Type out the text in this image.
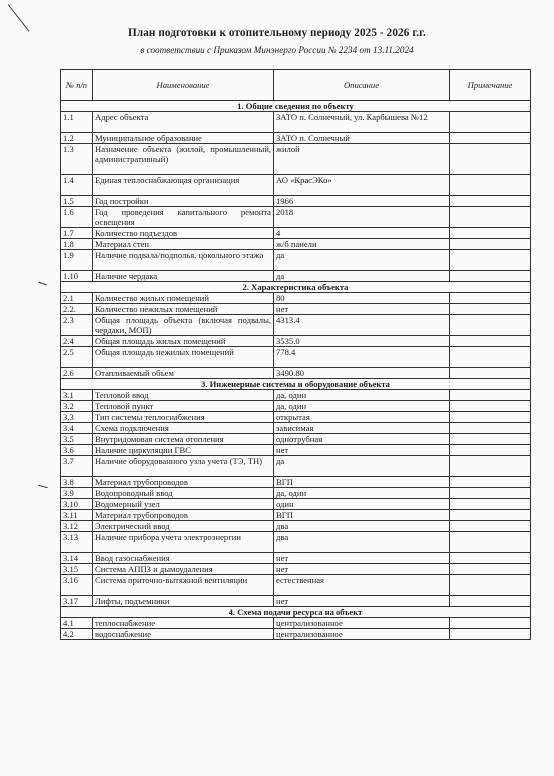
План подготовки к отопительному периоду 2025 - 2026 г.г.
в соответствии с Приказом Минэнерго России № 2234 от 13.11.2024
№ п/п	Наименование	Описание	Примечание
1. Общие сведения по объекту			
1.1	Адрес объекта	ЗАТО п. Солнечный, ул. Карбышева №12	
1.2	Муниципальное образование	ЗАТО п. Солнечный	
1.3	Назначение объекта (жилой, промышленный, административный)	жилой	
1.4	Единая теплоснабжающая организация	АО «КрасЭКо»	
1.5	Год постройки	1966	
1.6	Год проведения капитального ремонта освещения	2018	
1.7	Количество подъездов	4	
1.8	Материал стен	ж/б панели	
1.9	Наличие подвала/подполья, цокольного этажа	да	
1.10	Наличие чердака	да	
2. Характеристика объекта			
2.1	Количество жилых помещений	80	
2.2.	Количество нежилых помещений	нет	
2.3	Общая площадь объекта (включая подвалы, чердаки, МОП)	4313.4	
2.4	Общая площадь жилых помещений	3535.0	
2.5	Общая площадь нежилых помещений	778.4	
2.6	Отапливаемый объем	3490.80	
3. Инженерные системы и оборудование объекта			
3.1	Тепловой ввод	да, один	
3.2	Тепловой пункт	да, один	
3.3	Тип системы теплоснабжения	открытая	
3.4	Схема подключения	зависимая	
3.5	Внутридомовая система отопления	однотрубная	
3.6	Наличие циркуляции ГВС	нет	
3.7	Наличие оборудованного узла учета (ТЭ, ТН)	да	
3.8	Материал трубопроводов	ВГП	
3.9	Водопроводный ввод	да, один	
3.10	Водомерный узел	один	
3.11	Материал трубопроводов	ВГП	
3.12	Электрический ввод	два	
3.13	Наличие прибора учета электроэнергии	два	
3.14	Ввод газоснабжения	нет	
3.15	Система АППЗ и дымоудаления	нет	
3.16	Система приточно-вытяжной вентиляции	естественная	
3.17	Лифты, подъемники	нет	
4. Схема подачи ресурса на объект			
4.1	теплоснабжение	централизованное	
4.2	водоснабжение	централизованное	
